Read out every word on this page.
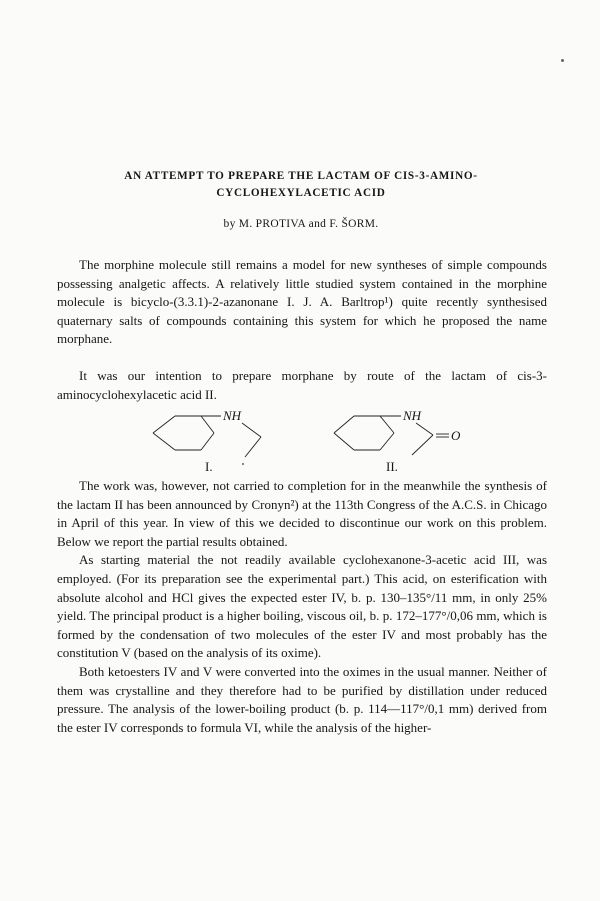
AN ATTEMPT TO PREPARE THE LACTAM OF CIS-3-AMINO-
CYCLOHEXYLACETIC ACID
by M. PROTIVA and F. ŠORM.

The morphine molecule still remains a model for new syntheses of simple compounds possessing analgetic affects. A relatively little studied system contained in the morphine molecule is bicyclo-(3.3.1)-2-azanonane I. J. A. Barltrop¹) quite recently synthesised quaternary salts of compounds containing this system for which he proposed the name morphane.

It was our intention to prepare morphane by route of the lactam of cis-3-aminocyclohexylacetic acid II.

NH
I.
NH
O
II.

The work was, however, not carried to completion for in the meanwhile the synthesis of the lactam II has been announced by Cronyn²) at the 113th Congress of the A.C.S. in Chicago in April of this year. In view of this we decided to discontinue our work on this problem. Below we report the partial results obtained.

As starting material the not readily available cyclohexanone-3-acetic acid III, was employed. (For its preparation see the experimental part.) This acid, on esterification with absolute alcohol and HCl gives the expected ester IV, b. p. 130–135°/11 mm, in only 25% yield. The principal product is a higher boiling, viscous oil, b. p. 172–177°/0,06 mm, which is formed by the condensation of two molecules of the ester IV and most probably has the constitution V (based on the analysis of its oxime).

Both ketoesters IV and V were converted into the oximes in the usual manner. Neither of them was crystalline and they therefore had to be purified by distillation under reduced pressure. The analysis of the lower-boiling product (b. p. 114—117°/0,1 mm) derived from the ester IV corresponds to formula VI, while the analysis of the higher-
